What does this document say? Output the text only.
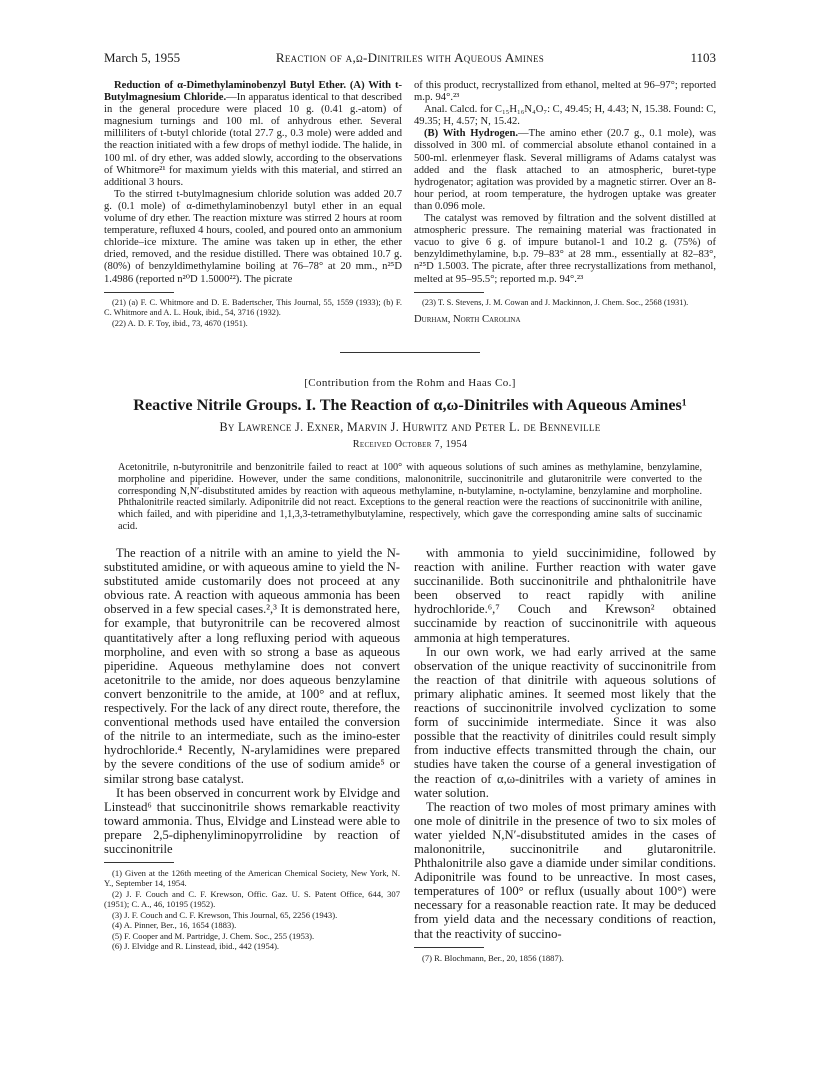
March 5, 1955	Reaction of α,ω-Dinitriles with Aqueous Amines	1103

Reduction of α-Dimethylaminobenzyl Butyl Ether. (A) With t-Butylmagnesium Chloride.—In apparatus identical to that described in the general procedure were placed 10 g. (0.41 g.-atom) of magnesium turnings and 100 ml. of anhydrous ether. Several milliliters of t-butyl chloride (total 27.7 g., 0.3 mole) were added and the reaction initiated with a few drops of methyl iodide. The halide, in 100 ml. of dry ether, was added slowly, according to the observations of Whitmore²¹ for maximum yields with this material, and stirred an additional 3 hours.

To the stirred t-butylmagnesium chloride solution was added 20.7 g. (0.1 mole) of α-dimethylaminobenzyl butyl ether in an equal volume of dry ether. The reaction mixture was stirred 2 hours at room temperature, refluxed 4 hours, cooled, and poured onto an ammonium chloride–ice mixture. The amine was taken up in ether, the ether dried, removed, and the residue distilled. There was obtained 10.7 g. (80%) of benzyldimethylamine boiling at 76–78° at 20 mm., n²⁵D 1.4986 (reported n²⁰D 1.5000²²). The picrate

(21) (a) F. C. Whitmore and D. E. Badertscher, This Journal, 55, 1559 (1933); (b) F. C. Whitmore and A. L. Houk, ibid., 54, 3716 (1932).

(22) A. D. F. Toy, ibid., 73, 4670 (1951).

of this product, recrystallized from ethanol, melted at 96–97°; reported m.p. 94°.²³

Anal. Calcd. for C₁₅H₁₆N₄O₇: C, 49.45; H, 4.43; N, 15.38. Found: C, 49.35; H, 4.57; N, 15.42.

(B) With Hydrogen.—The amino ether (20.7 g., 0.1 mole), was dissolved in 300 ml. of commercial absolute ethanol contained in a 500-ml. erlenmeyer flask. Several milligrams of Adams catalyst was added and the flask attached to an atmospheric, buret-type hydrogenator; agitation was provided by a magnetic stirrer. Over an 8-hour period, at room temperature, the hydrogen uptake was greater than 0.096 mole.

The catalyst was removed by filtration and the solvent distilled at atmospheric pressure. The remaining material was fractionated in vacuo to give 6 g. of impure butanol-1 and 10.2 g. (75%) of benzyldimethylamine, b.p. 79–83° at 28 mm., essentially at 82–83°, n²⁵D 1.5003. The picrate, after three recrystallizations from methanol, melted at 95–95.5°; reported m.p. 94°.²³

(23) T. S. Stevens, J. M. Cowan and J. Mackinnon, J. Chem. Soc., 2568 (1931).

Durham, North Carolina

[Contribution from the Rohm and Haas Co.]
Reactive Nitrile Groups. I. The Reaction of α,ω-Dinitriles with Aqueous Amines¹
By Lawrence J. Exner, Marvin J. Hurwitz and Peter L. de Benneville
Received October 7, 1954
Acetonitrile, n-butyronitrile and benzonitrile failed to react at 100° with aqueous solutions of such amines as methylamine, benzylamine, morpholine and piperidine. However, under the same conditions, malononitrile, succinonitrile and glutaronitrile were converted to the corresponding N,N′-disubstituted amides by reaction with aqueous methylamine, n-butylamine, n-octylamine, benzylamine and morpholine. Phthalonitrile reacted similarly. Adiponitrile did not react. Exceptions to the general reaction were the reactions of succinonitrile with aniline, which failed, and with piperidine and 1,1,3,3-tetramethylbutylamine, respectively, which gave the corresponding amine salts of succinamic acid.

The reaction of a nitrile with an amine to yield the N-substituted amidine, or with aqueous amine to yield the N-substituted amide customarily does not proceed at any obvious rate. A reaction with aqueous ammonia has been observed in a few special cases.²,³ It is demonstrated here, for example, that butyronitrile can be recovered almost quantitatively after a long refluxing period with aqueous morpholine, and even with so strong a base as aqueous piperidine. Aqueous methylamine does not convert acetonitrile to the amide, nor does aqueous benzylamine convert benzonitrile to the amide, at 100° and at reflux, respectively. For the lack of any direct route, therefore, the conventional methods used have entailed the conversion of the nitrile to an intermediate, such as the imino-ester hydrochloride.⁴ Recently, N-arylamidines were prepared by the severe conditions of the use of sodium amide⁵ or similar strong base catalyst.

It has been observed in concurrent work by Elvidge and Linstead⁶ that succinonitrile shows remarkable reactivity toward ammonia. Thus, Elvidge and Linstead were able to prepare 2,5-diphenyliminopyrrolidine by reaction of succinonitrile

(1) Given at the 126th meeting of the American Chemical Society, New York, N. Y., September 14, 1954.

(2) J. F. Couch and C. F. Krewson, Offic. Gaz. U. S. Patent Office, 644, 307 (1951); C. A., 46, 10195 (1952).

(3) J. F. Couch and C. F. Krewson, This Journal, 65, 2256 (1943).

(4) A. Pinner, Ber., 16, 1654 (1883).

(5) F. Cooper and M. Partridge, J. Chem. Soc., 255 (1953).

(6) J. Elvidge and R. Linstead, ibid., 442 (1954).

with ammonia to yield succinimidine, followed by reaction with aniline. Further reaction with water gave succinanilide. Both succinonitrile and phthalonitrile have been observed to react rapidly with aniline hydrochloride.⁶,⁷ Couch and Krewson² obtained succinamide by reaction of succinonitrile with aqueous ammonia at high temperatures.

In our own work, we had early arrived at the same observation of the unique reactivity of succinonitrile from the reaction of that dinitrile with aqueous solutions of primary aliphatic amines. It seemed most likely that the reactions of succinonitrile involved cyclization to some form of succinimide intermediate. Since it was also possible that the reactivity of dinitriles could result simply from inductive effects transmitted through the chain, our studies have taken the course of a general investigation of the reaction of α,ω-dinitriles with a variety of amines in water solution.

The reaction of two moles of most primary amines with one mole of dinitrile in the presence of two to six moles of water yielded N,N′-disubstituted amides in the cases of malononitrile, succinonitrile and glutaronitrile. Phthalonitrile also gave a diamide under similar conditions. Adiponitrile was found to be unreactive. In most cases, temperatures of 100° or reflux (usually about 100°) were necessary for a reasonable reaction rate. It may be deduced from yield data and the necessary conditions of reaction, that the reactivity of succino-

(7) R. Blochmann, Ber., 20, 1856 (1887).
